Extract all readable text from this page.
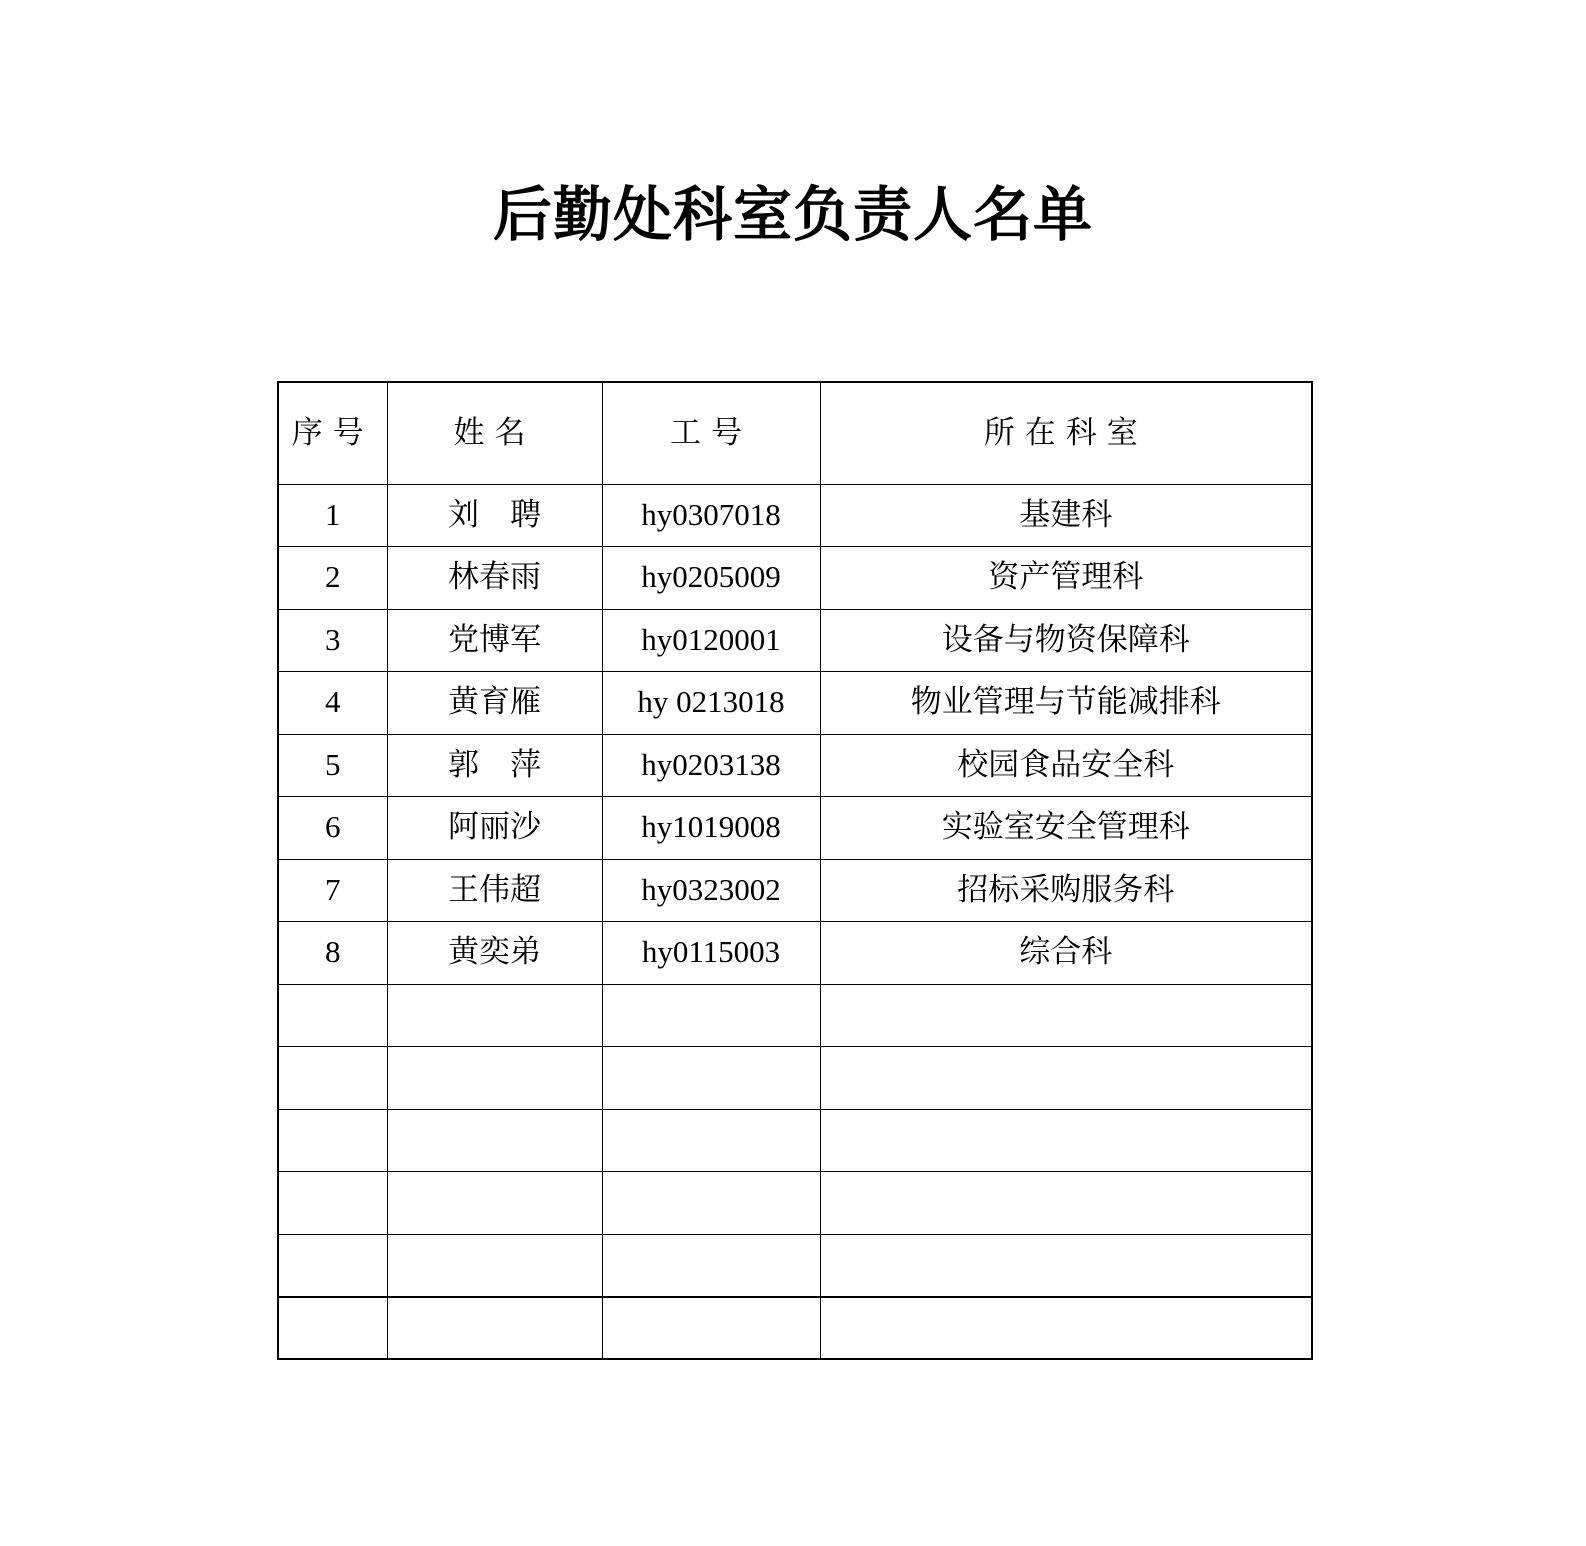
后勤处科室负责人名单
序号	姓名	工号	所在科室
1	刘　聘	hy0307018	基建科
2	林春雨	hy0205009	资产管理科
3	党博军	hy0120001	设备与物资保障科
4	黄育雁	hy 0213018	物业管理与节能减排科
5	郭　萍	hy0203138	校园食品安全科
6	阿丽沙	hy1019008	实验室安全管理科
7	王伟超	hy0323002	招标采购服务科
8	黄奕弟	hy0115003	综合科
